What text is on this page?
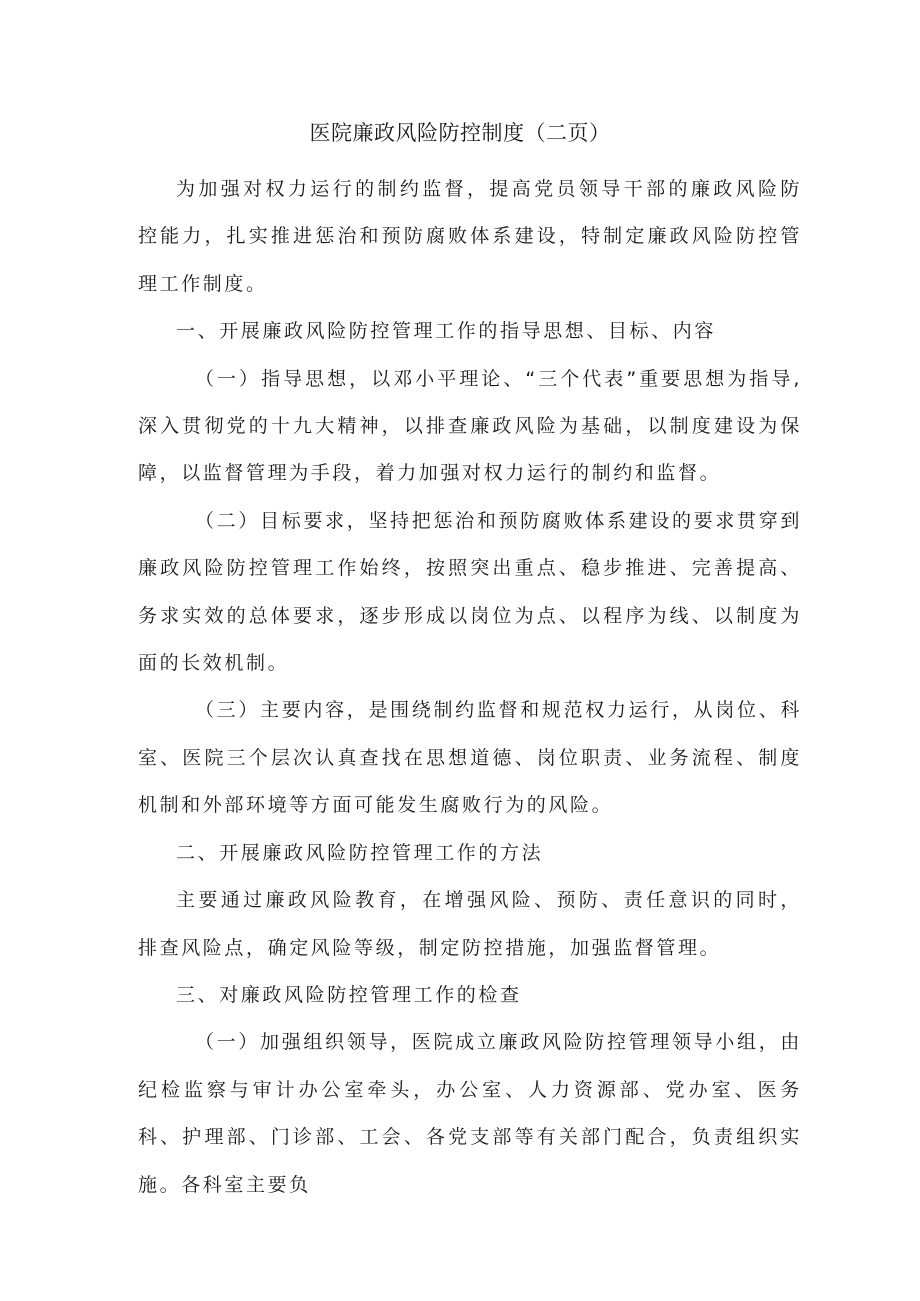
医院廉政风险防控制度（二页）

为加强对权力运行的制约监督，提高党员领导干部的廉政风险防控能力，扎实推进惩治和预防腐败体系建设，特制定廉政风险防控管理工作制度。

一、开展廉政风险防控管理工作的指导思想、目标、内容

（一）指导思想，以邓小平理论、“三个代表”重要思想为指导,深入贯彻党的十九大精神，以排查廉政风险为基础，以制度建设为保障，以监督管理为手段，着力加强对权力运行的制约和监督。

（二）目标要求，坚持把惩治和预防腐败体系建设的要求贯穿到廉政风险防控管理工作始终，按照突出重点、稳步推进、完善提高、务求实效的总体要求，逐步形成以岗位为点、以程序为线、以制度为面的长效机制。

（三）主要内容，是围绕制约监督和规范权力运行，从岗位、科室、医院三个层次认真查找在思想道德、岗位职责、业务流程、制度机制和外部环境等方面可能发生腐败行为的风险。

二、开展廉政风险防控管理工作的方法

主要通过廉政风险教育，在增强风险、预防、责任意识的同时，排查风险点，确定风险等级，制定防控措施，加强监督管理。

三、对廉政风险防控管理工作的检查

（一）加强组织领导，医院成立廉政风险防控管理领导小组，由纪检监察与审计办公室牵头，办公室、人力资源部、党办室、医务科、护理部、门诊部、工会、各党支部等有关部门配合，负责组织实施。各科室主要负
